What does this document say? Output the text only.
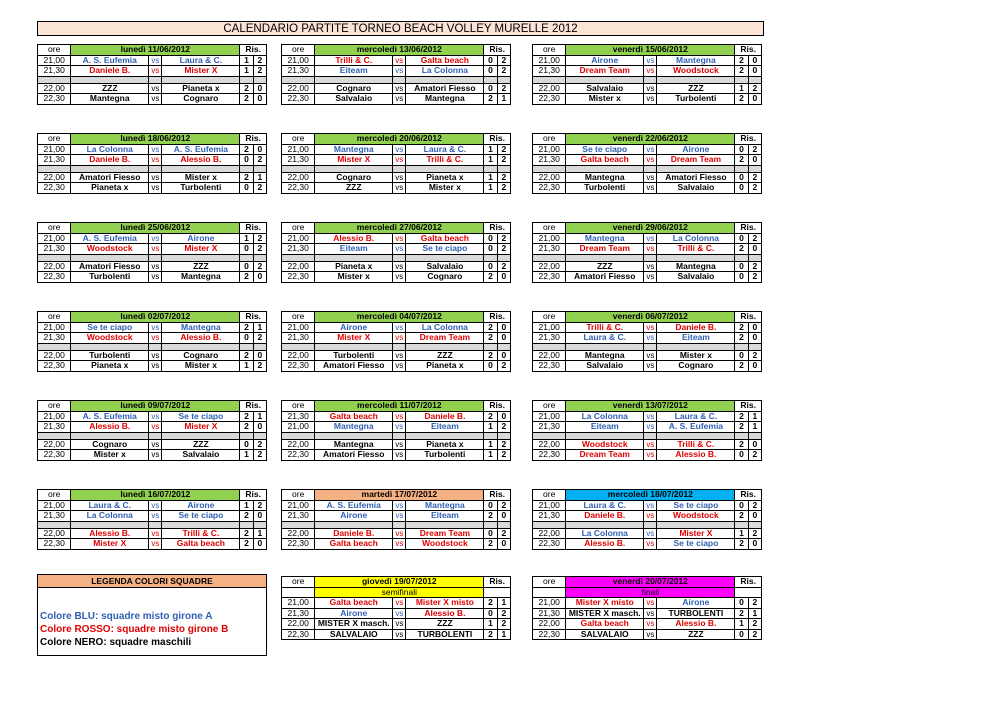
CALENDARIO PARTITE TORNEO BEACH VOLLEY MURELLE 2012
ore	lunedì 11/06/2012			Ris.	
21,00	A. S. Eufemia	vs	Laura & C.	1	2
21,30	Daniele B.	vs	Mister X	1	2

22,00	ZZZ	vs	Pianeta x	2	0
22,30	Mantegna	vs	Cognaro	2	0
ore	mercoledì 13/06/2012			Ris.	
21,00	Trilli & C.	vs	Galta beach	0	2
21,30	Eiteam	vs	La Colonna	0	2

22,00	Cognaro	vs	Amatori Fiesso	0	2
22,30	Salvalaio	vs	Mantegna	2	1
ore	venerdì 15/06/2012			Ris.	
21,00	Airone	vs	Mantegna	2	0
21,30	Dream Team	vs	Woodstock	2	0

22,00	Salvalaio	vs	ZZZ	1	2
22,30	Mister x	vs	Turbolenti	2	0
ore	lunedì 18/06/2012			Ris.	
21,00	La Colonna	vs	A. S. Eufemia	2	0
21,30	Daniele B.	vs	Alessio B.	0	2

22,00	Amatori Fiesso	vs	Mister x	2	1
22,30	Pianeta x	vs	Turbolenti	0	2
ore	mercoledì 20/06/2012			Ris.	
21,00	Mantegna	vs	Laura & C.	1	2
21,30	Mister X	vs	Trilli & C.	1	2

22,00	Cognaro	vs	Pianeta x	1	2
22,30	ZZZ	vs	Mister x	1	2
ore	venerdì 22/06/2012			Ris.	
21,00	Se te ciapo	vs	Airone	0	2
21,30	Galta beach	vs	Dream Team	2	0

22,00	Mantegna	vs	Amatori Fiesso	0	2
22,30	Turbolenti	vs	Salvalaio	0	2
ore	lunedì 25/06/2012			Ris.	
21,00	A. S. Eufemia	vs	Airone	1	2
21,30	Woodstock	vs	Mister X	0	2

22,00	Amatori Fiesso	vs	ZZZ	0	2
22,30	Turbolenti	vs	Mantegna	2	0
ore	mercoledì 27/06/2012			Ris.	
21,00	Alessio B.	vs	Galta beach	0	2
21,30	Eiteam	vs	Se te ciapo	0	2

22,00	Pianeta x	vs	Salvalaio	0	2
22,30	Mister x	vs	Cognaro	2	0
ore	venerdì 29/06/2012			Ris.	
21,00	Mantegna	vs	La Colonna	0	2
21,30	Dream Team	vs	Trilli & C.	2	0

22,00	ZZZ	vs	Mantegna	0	2
22,30	Amatori Fiesso	vs	Salvalaio	0	2
ore	lunedì 02/07/2012			Ris.	
21,00	Se te ciapo	vs	Mantegna	2	1
21,30	Woodstock	vs	Alessio B.	0	2

22,00	Turbolenti	vs	Cognaro	2	0
22,30	Pianeta x	vs	Mister x	1	2
ore	mercoledì 04/07/2012			Ris.	
21,00	Airone	vs	La Colonna	2	0
21,30	Mister X	vs	Dream Team	2	0

22,00	Turbolenti	vs	ZZZ	2	0
22,30	Amatori Fiesso	vs	Pianeta x	0	2
ore	venerdì 06/07/2012			Ris.	
21,00	Trilli & C.	vs	Daniele B.	2	0
21,30	Laura & C.	vs	Eiteam	2	0

22,00	Mantegna	vs	Mister x	0	2
22,30	Salvalaio	vs	Cognaro	2	0
ore	lunedì 09/07/2012			Ris.	
21,00	A. S. Eufemia	vs	Se te ciapo	2	1
21,30	Alessio B.	vs	Mister X	2	0

22,00	Cognaro	vs	ZZZ	0	2
22,30	Mister x	vs	Salvalaio	1	2
ore	mercoledì 11/07/2012			Ris.	
21,30	Galta beach	vs	Daniele B.	2	0
21,00	Mantegna	vs	Eiteam	1	2

22,00	Mantegna	vs	Pianeta x	1	2
22,30	Amatori Fiesso	vs	Turbolenti	1	2
ore	venerdì 13/07/2012			Ris.	
21,00	La Colonna	vs	Laura & C.	2	1
21,30	Eiteam	vs	A. S. Eufemia	2	1

22,00	Woodstock	vs	Trilli & C.	2	0
22,30	Dream Team	vs	Alessio B.	0	2
ore	lunedì 16/07/2012			Ris.	
21,00	Laura & C.	vs	Airone	1	2
21,30	La Colonna	vs	Se te ciapo	2	0

22,00	Alessio B.	vs	Trilli & C.	2	1
22,30	Mister X	vs	Galta beach	2	0
ore	martedì 17/07/2012			Ris.	
21,00	A. S. Eufemia	vs	Mantegna	0	2
21,30	Airone	vs	Eiteam	2	0

22,00	Daniele B.	vs	Dream Team	0	2
22,30	Galta beach	vs	Woodstock	2	0
ore	mercoledì 18/07/2012			Ris.	
21,00	Laura & C.	vs	Se te ciapo	0	2
21,30	Daniele B.	vs	Woodstock	2	0

22,00	La Colonna	vs	Mister X	1	2
22,30	Alessio B.	vs	Se te ciapo	2	0
ore	giovedì 19/07/2012			Ris.	
	semifinali				
21,00	Galta beach	vs	Mister X misto	2	1
21,30	Airone	vs	Alessio B.	0	2
22,00	MISTER X masch.	vs	ZZZ	1	2
22,30	SALVALAIO	vs	TURBOLENTI	2	1
ore	venerdì 20/07/2012			Ris.	
	finali				
21,00	Mister X misto	vs	Airone	0	2
21,30	MISTER X masch.	vs	TURBOLENTI	2	1
22,00	Galta beach	vs	Alessio B.	1	2
22,30	SALVALAIO	vs	ZZZ	0	2
LEGENDA COLORI SQUADRE
Colore BLU: squadre misto girone A
Colore ROSSO: squadre misto girone B
Colore NERO: squadre maschili
